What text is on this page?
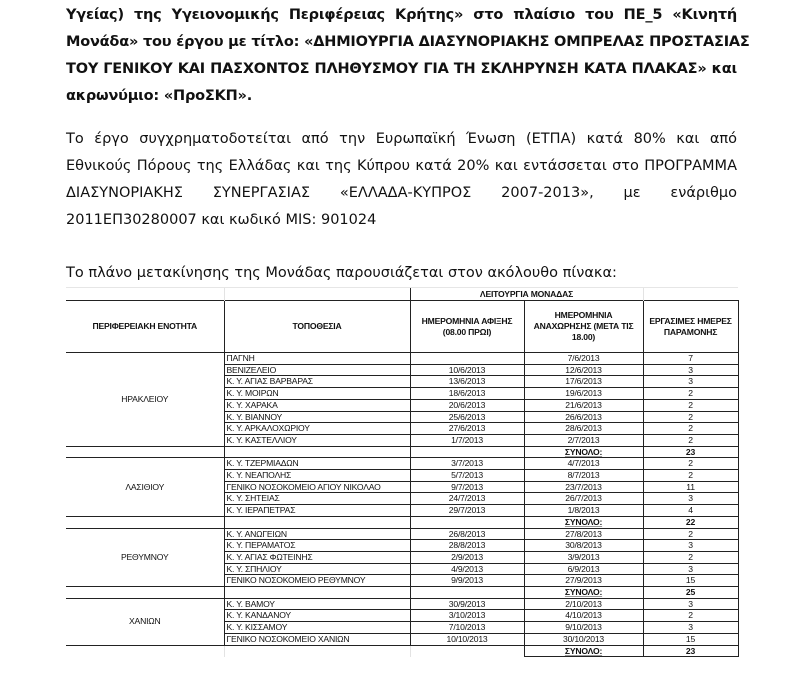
Υγείας) της Υγειονομικής Περιφέρειας Κρήτης» στο πλαίσιο του ΠΕ_5 «Κινητή
Μονάδα» του έργου με τίτλο: «ΔΗΜΙΟΥΡΓΙΑ ΔΙΑΣΥΝΟΡΙΑΚΗΣ ΟΜΠΡΕΛΑΣ ΠΡΟΣΤΑΣΙΑΣ
ΤΟΥ ΓΕΝΙΚΟΥ ΚΑΙ ΠΑΣΧΟΝΤΟΣ ΠΛΗΘΥΣΜΟΥ ΓΙΑ ΤΗ ΣΚΛΗΡΥΝΣΗ ΚΑΤΑ ΠΛΑΚΑΣ» και
ακρωνύμιο: «ΠροΣΚΠ».

Το έργο συγχρηματοδοτείται από την Ευρωπαϊκή Ένωση (ΕΤΠΑ) κατά 80% και από
Εθνικούς Πόρους της Ελλάδας και της Κύπρου κατά 20% και εντάσσεται στο ΠΡΟΓΡΑΜΜΑ
ΔΙΑΣΥΝΟΡΙΑΚΗΣ ΣΥΝΕΡΓΑΣΙΑΣ «ΕΛΛΑΔΑ-ΚΥΠΡΟΣ 2007-2013», με ενάριθμο
2011ΕΠ30280007 και κωδικό MIS: 901024

Το πλάνο μετακίνησης της Μονάδας παρουσιάζεται στον ακόλουθο πίνακα:

		ΛΕΙΤΟΥΡΓΙΑ ΜΟΝΑΔΑΣ		
ΠΕΡΙΦΕΡΕΙΑΚΗ ΕΝΟΤΗΤΑ	ΤΟΠΟΘΕΣΙΑ	ΗΜΕΡΟΜΗΝΙΑ ΑΦΙΞΗΣ (08.00 ΠΡΩΙ)	ΗΜΕΡΟΜΗΝΙΑ ΑΝΑΧΩΡΗΣΗΣ (ΜΕΤΑ ΤΙΣ 18.00)	ΕΡΓΑΣΙΜΕΣ ΗΜΕΡΕΣ ΠΑΡΑΜΟΝΗΣ
ΗΡΑΚΛΕΙΟΥ	ΠΑΓΝΗ		7/6/2013	7
	ΒΕΝΙΖΕΛΕΙΟ	10/6/2013	12/6/2013	3
	Κ. Υ. ΑΓΙΑΣ ΒΑΡΒΑΡΑΣ	13/6/2013	17/6/2013	3
	Κ. Υ. ΜΟΙΡΩΝ	18/6/2013	19/6/2013	2
	Κ. Υ. ΧΑΡΑΚΑ	20/6/2013	21/6/2013	2
	Κ. Υ. ΒΙΑΝΝΟΥ	25/6/2013	26/6/2013	2
	Κ. Υ. ΑΡΚΑΛΟΧΩΡΙΟΥ	27/6/2013	28/6/2013	2
	Κ. Υ. ΚΑΣΤΕΛΛΙΟΥ	1/7/2013	2/7/2013	2
			ΣΥΝΟΛΟ:	23
ΛΑΣΙΘΙΟΥ	Κ. Υ. ΤΖΕΡΜΙΑΔΩΝ	3/7/2013	4/7/2013	2
	Κ. Υ. ΝΕΑΠΟΛΗΣ	5/7/2013	8/7/2013	2
	ΓΕΝΙΚΟ ΝΟΣΟΚΟΜΕΙΟ ΑΓΙΟΥ ΝΙΚΟΛΑΟ	9/7/2013	23/7/2013	11
	Κ. Υ. ΣΗΤΕΙΑΣ	24/7/2013	26/7/2013	3
	Κ. Υ. ΙΕΡΑΠΕΤΡΑΣ	29/7/2013	1/8/2013	4
			ΣΥΝΟΛΟ:	22
ΡΕΘΥΜΝΟΥ	Κ. Υ. ΑΝΩΓΕΙΩΝ	26/8/2013	27/8/2013	2
	Κ. Υ. ΠΕΡΑΜΑΤΟΣ	28/8/2013	30/8/2013	3
	Κ. Υ. ΑΓΙΑΣ ΦΩΤΕΙΝΗΣ	2/9/2013	3/9/2013	2
	Κ. Υ. ΣΠΗΛΙΟΥ	4/9/2013	6/9/2013	3
	ΓΕΝΙΚΟ ΝΟΣΟΚΟΜΕΙΟ ΡΕΘΥΜΝΟΥ	9/9/2013	27/9/2013	15
			ΣΥΝΟΛΟ:	25
ΧΑΝΙΩΝ	Κ. Υ. ΒΑΜΟΥ	30/9/2013	2/10/2013	3
	Κ. Υ. ΚΑΝΔΑΝΟΥ	3/10/2013	4/10/2013	2
	Κ. Υ. ΚΙΣΣΑΜΟΥ	7/10/2013	9/10/2013	3
	ΓΕΝΙΚΟ ΝΟΣΟΚΟΜΕΙΟ ΧΑΝΙΩΝ	10/10/2013	30/10/2013	15
			ΣΥΝΟΛΟ:	23
